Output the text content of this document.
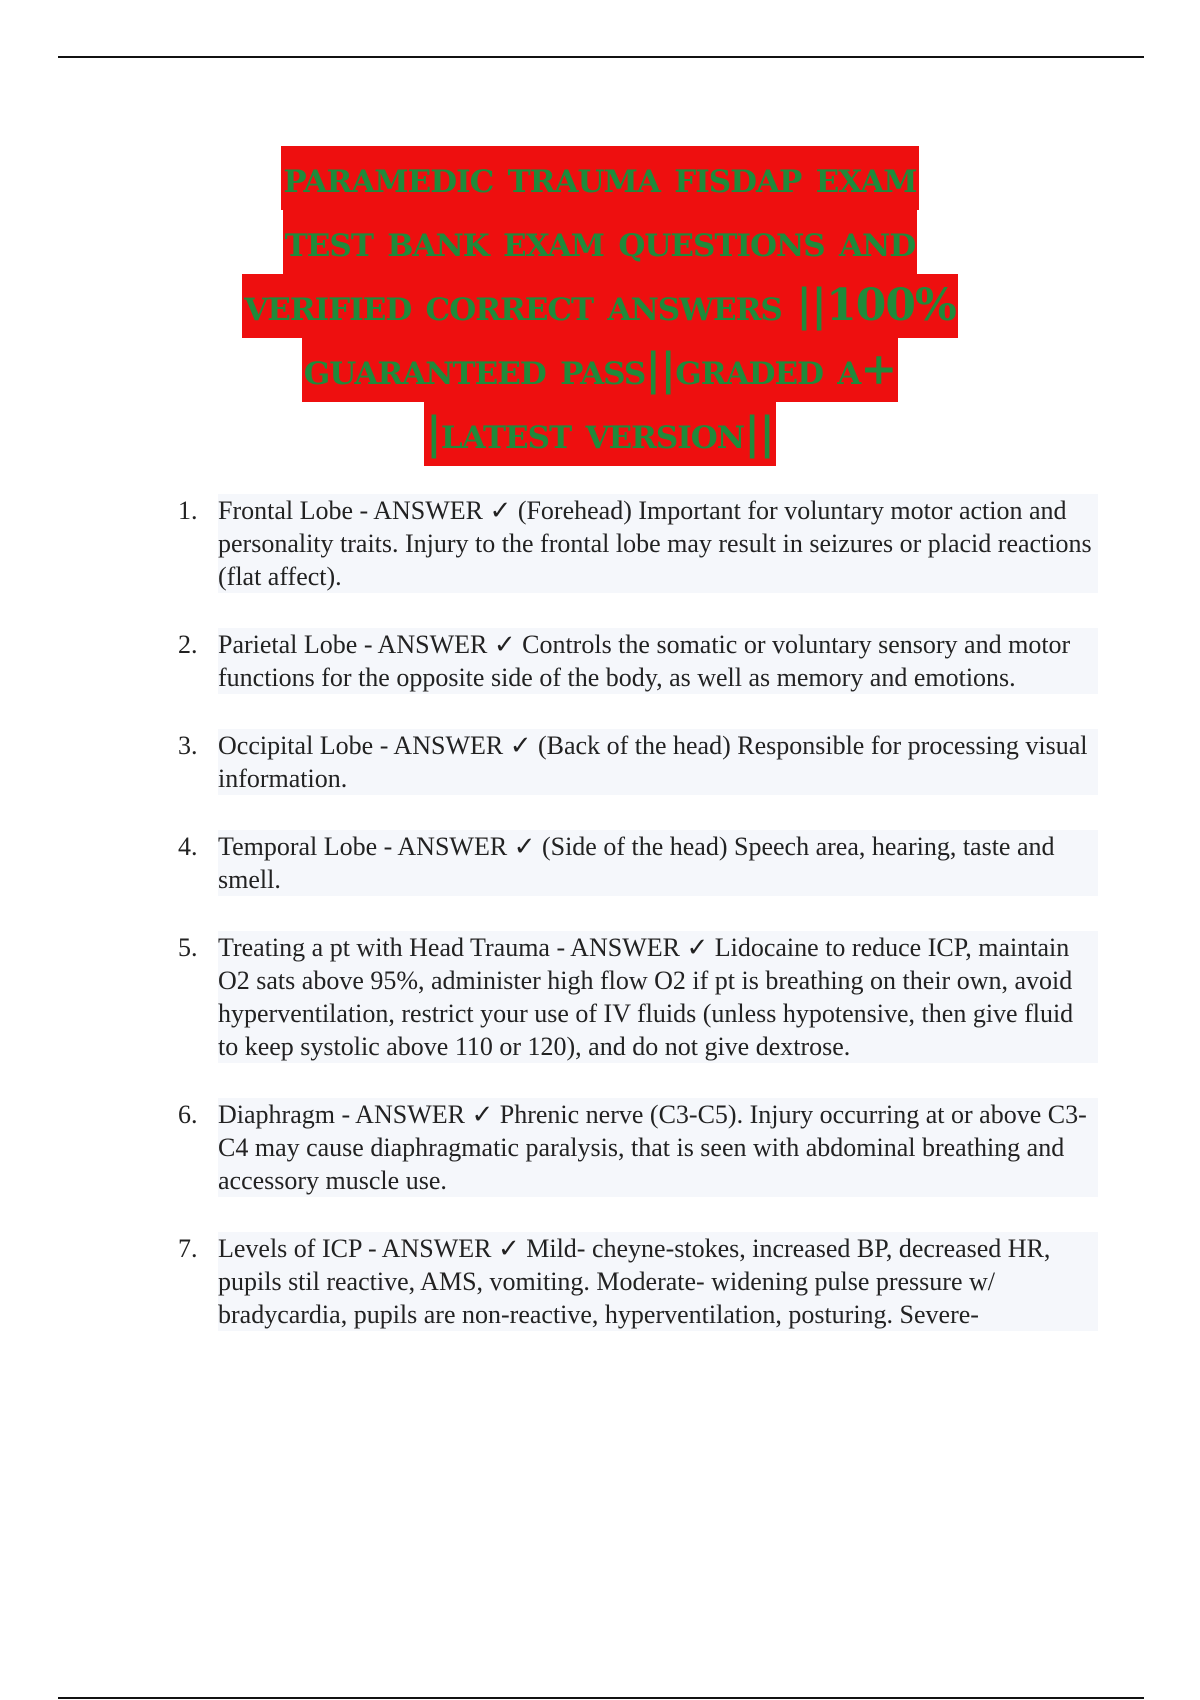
paramedic trauma fisdap exam
test bank exam questions and
verified correct answers ||100%
guaranteed pass||graded a+
|latest version||
1. Frontal Lobe - ANSWER ✓ (Forehead) Important for voluntary motor action and personality traits. Injury to the frontal lobe may result in seizures or placid reactions (flat affect).
2. Parietal Lobe - ANSWER ✓ Controls the somatic or voluntary sensory and motor functions for the opposite side of the body, as well as memory and emotions.
3. Occipital Lobe - ANSWER ✓ (Back of the head) Responsible for processing visual information.
4. Temporal Lobe - ANSWER ✓ (Side of the head) Speech area, hearing, taste and smell.
5. Treating a pt with Head Trauma - ANSWER ✓ Lidocaine to reduce ICP, maintain O2 sats above 95%, administer high flow O2 if pt is breathing on their own, avoid hyperventilation, restrict your use of IV fluids (unless hypotensive, then give fluid to keep systolic above 110 or 120), and do not give dextrose.
6. Diaphragm - ANSWER ✓ Phrenic nerve (C3-C5). Injury occurring at or above C3-C4 may cause diaphragmatic paralysis, that is seen with abdominal breathing and accessory muscle use.
7. Levels of ICP - ANSWER ✓ Mild- cheyne-stokes, increased BP, decreased HR, pupils stil reactive, AMS, vomiting. Moderate- widening pulse pressure w/ bradycardia, pupils are non-reactive, hyperventilation, posturing. Severe-
